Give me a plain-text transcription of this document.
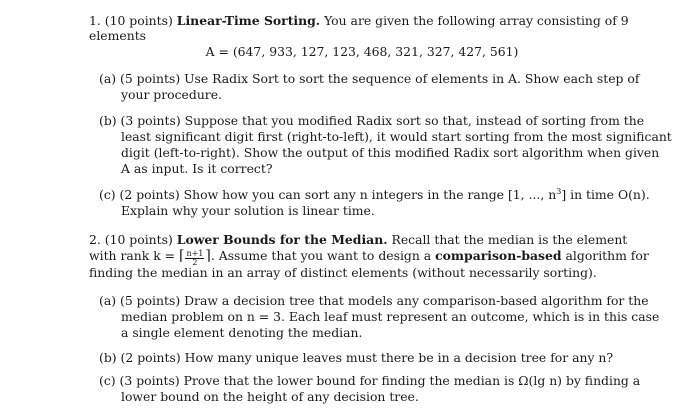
1. (10 points) Linear-Time Sorting. You are given the following array consisting of 9
elements
A = (647, 933, 127, 123, 468, 321, 327, 427, 561)
(a) (5 points) Use Radix Sort to sort the sequence of elements in A. Show each step of
your procedure.
(b) (3 points) Suppose that you modified Radix sort so that, instead of sorting from the
least significant digit first (right-to-left), it would start sorting from the most significant
digit (left-to-right). Show the output of this modified Radix sort algorithm when given
A as input. Is it correct?
(c) (2 points) Show how you can sort any n integers in the range [1, ..., $n^3$] in time O(n).
Explain why your solution is linear time.
2. (10 points) Lower Bounds for the Median. Recall that the median is the element
with rank k = ⌈ $\frac{n+1}{2}$ ⌉. Assume that you want to design a comparison-based algorithm for
finding the median in an array of distinct elements (without necessarily sorting).
(a) (5 points) Draw a decision tree that models any comparison-based algorithm for the
median problem on n = 3. Each leaf must represent an outcome, which is in this case
a single element denoting the median.
(b) (2 points) How many unique leaves must there be in a decision tree for any n?
(c) (3 points) Prove that the lower bound for finding the median is Ω(lg n) by finding a
lower bound on the height of any decision tree.
